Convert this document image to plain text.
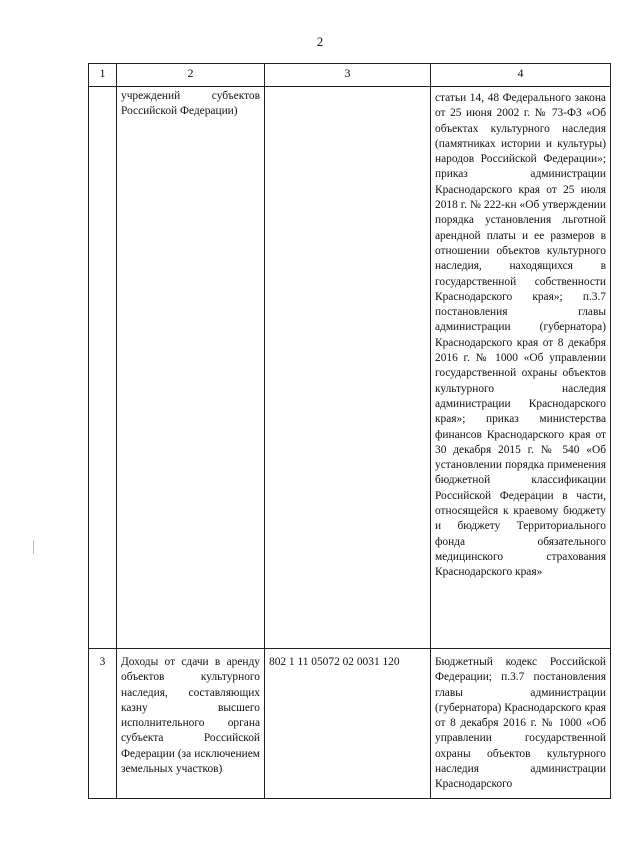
2
1	2	3	4
	учреждений субъектов Российской Федерации)		статьи 14, 48 Федерального закона от 25 июня 2002 г. № 73-ФЗ «Об объектах культурного наследия (памятниках истории и культуры) народов Российской Федерации»; приказ администрации Краснодарского края от 25 июля 2018 г. № 222-кн «Об утверждении порядка установления льготной арендной платы и ее размеров в отношении объектов культурного наследия, находящихся в государственной собственности Краснодарского края»; п.3.7 постановления главы администрации (губернатора) Краснодарского края от 8 декабря 2016 г. № 1000 «Об управлении государственной охраны объектов культурного наследия администрации Краснодарского края»; приказ министерства финансов Краснодарского края от 30 декабря 2015 г. № 540 «Об установлении порядка применения бюджетной классификации Российской Федерации в части, относящейся к краевому бюджету и бюджету Территориального фонда обязательного медицинского страхования Краснодарского края»
3	Доходы от сдачи в аренду объектов культурного наследия, составляющих казну высшего исполнительного органа субъекта Российской Федерации (за исключением земельных участков)	802 1 11 05072 02 0031 120	Бюджетный кодекс Российской Федерации; п.3.7 постановления главы администрации (губернатора) Краснодарского края от 8 декабря 2016 г. № 1000 «Об управлении государственной охраны объектов культурного наследия администрации Краснодарского
